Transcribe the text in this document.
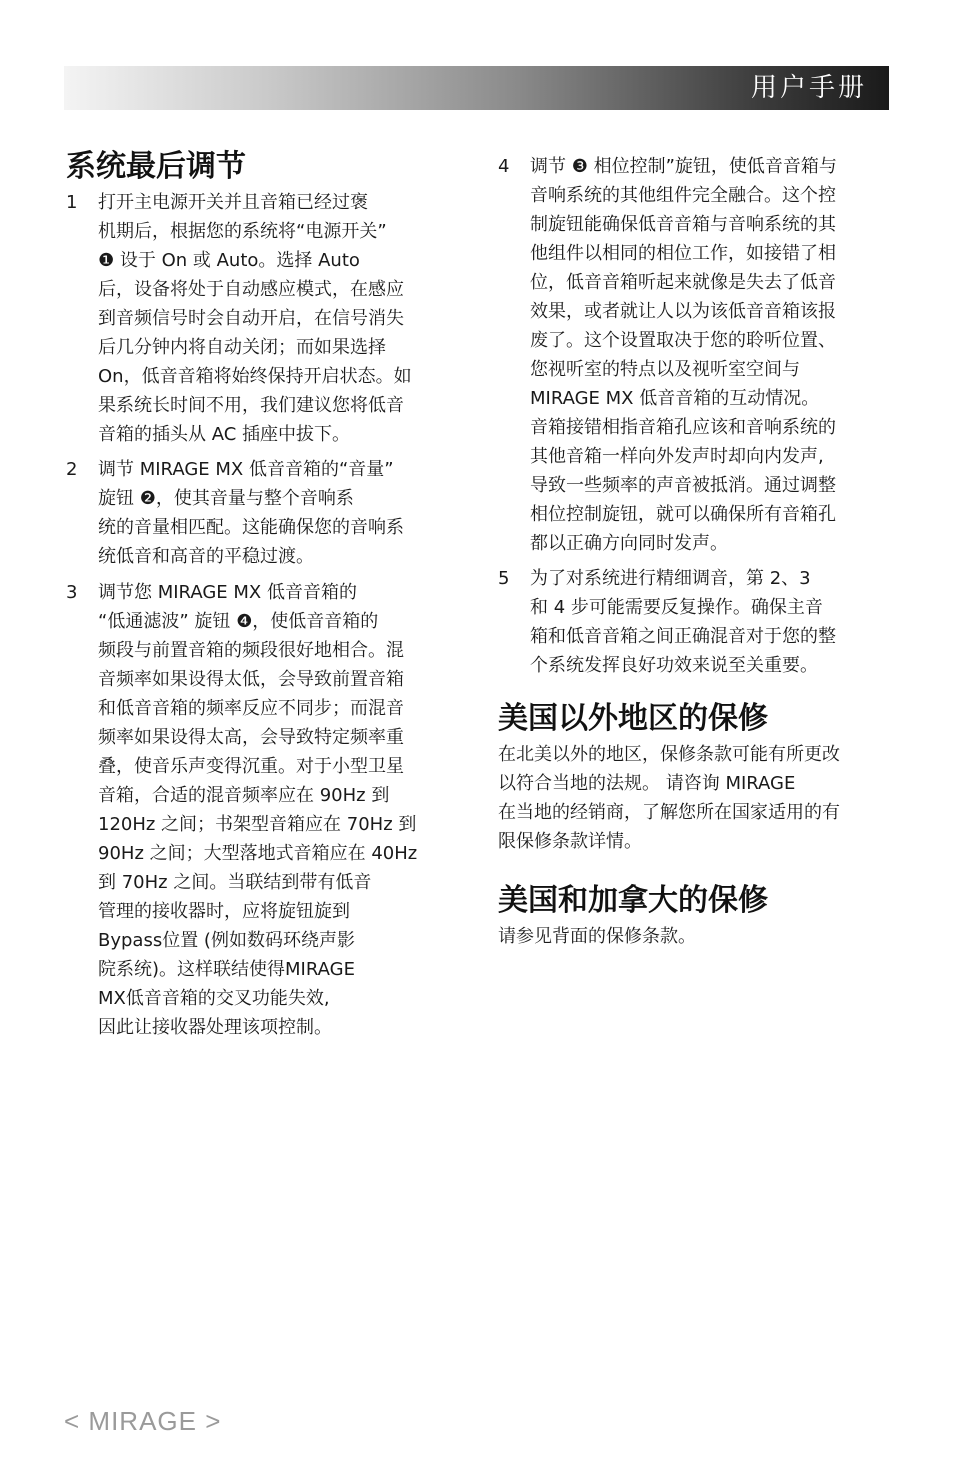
用户手册
系统最后调节
1	打开主电源开关并且音箱已经过褒
机期后，根据您的系统将“电源开关”
❶ 设于 On 或 Auto。选择 Auto
后，设备将处于自动感应模式，在感应
到音频信号时会自动开启，在信号消失
后几分钟内将自动关闭；而如果选择
On，低音音箱将始终保持开启状态。如
果系统长时间不用，我们建议您将低音
音箱的插头从 AC 插座中拔下。
2	调节 MIRAGE MX 低音音箱的“音量”
旋钮 ❷，使其音量与整个音响系
统的音量相匹配。这能确保您的音响系
统低音和高音的平稳过渡。
3	调节您 MIRAGE MX 低音音箱的
“低通滤波” 旋钮 ❹，使低音音箱的
频段与前置音箱的频段很好地相合。混
音频率如果设得太低，会导致前置音箱
和低音音箱的频率反应不同步；而混音
频率如果设得太高，会导致特定频率重
叠，使音乐声变得沉重。对于小型卫星
音箱，合适的混音频率应在 90Hz 到
120Hz 之间；书架型音箱应在 70Hz 到
90Hz 之间；大型落地式音箱应在 40Hz
到 70Hz 之间。当联结到带有低音
管理的接收器时，应将旋钮旋到
Bypass位置 (例如数码环绕声影
院系统)。这样联结使得MIRAGE
MX低音音箱的交叉功能失效,
因此让接收器处理该项控制。
4	调节 ❸ 相位控制”旋钮，使低音音箱与
音响系统的其他组件完全融合。这个控
制旋钮能确保低音音箱与音响系统的其
他组件以相同的相位工作，如接错了相
位，低音音箱听起来就像是失去了低音
效果，或者就让人以为该低音音箱该报
废了。这个设置取决于您的聆听位置、
您视听室的特点以及视听室空间与
MIRAGE MX 低音音箱的互动情况。
音箱接错相指音箱孔应该和音响系统的
其他音箱一样向外发声时却向内发声,
导致一些频率的声音被抵消。通过调整
相位控制旋钮，就可以确保所有音箱孔
都以正确方向同时发声。
5	为了对系统进行精细调音，第 2、3
和 4 步可能需要反复操作。确保主音
箱和低音音箱之间正确混音对于您的整
个系统发挥良好功效来说至关重要。
美国以外地区的保修
在北美以外的地区，保修条款可能有所更改
以符合当地的法规。 请咨询 MIRAGE
在当地的经销商，了解您所在国家适用的有
限保修条款详情。
美国和加拿大的保修
请参见背面的保修条款。
< MIRAGE >
